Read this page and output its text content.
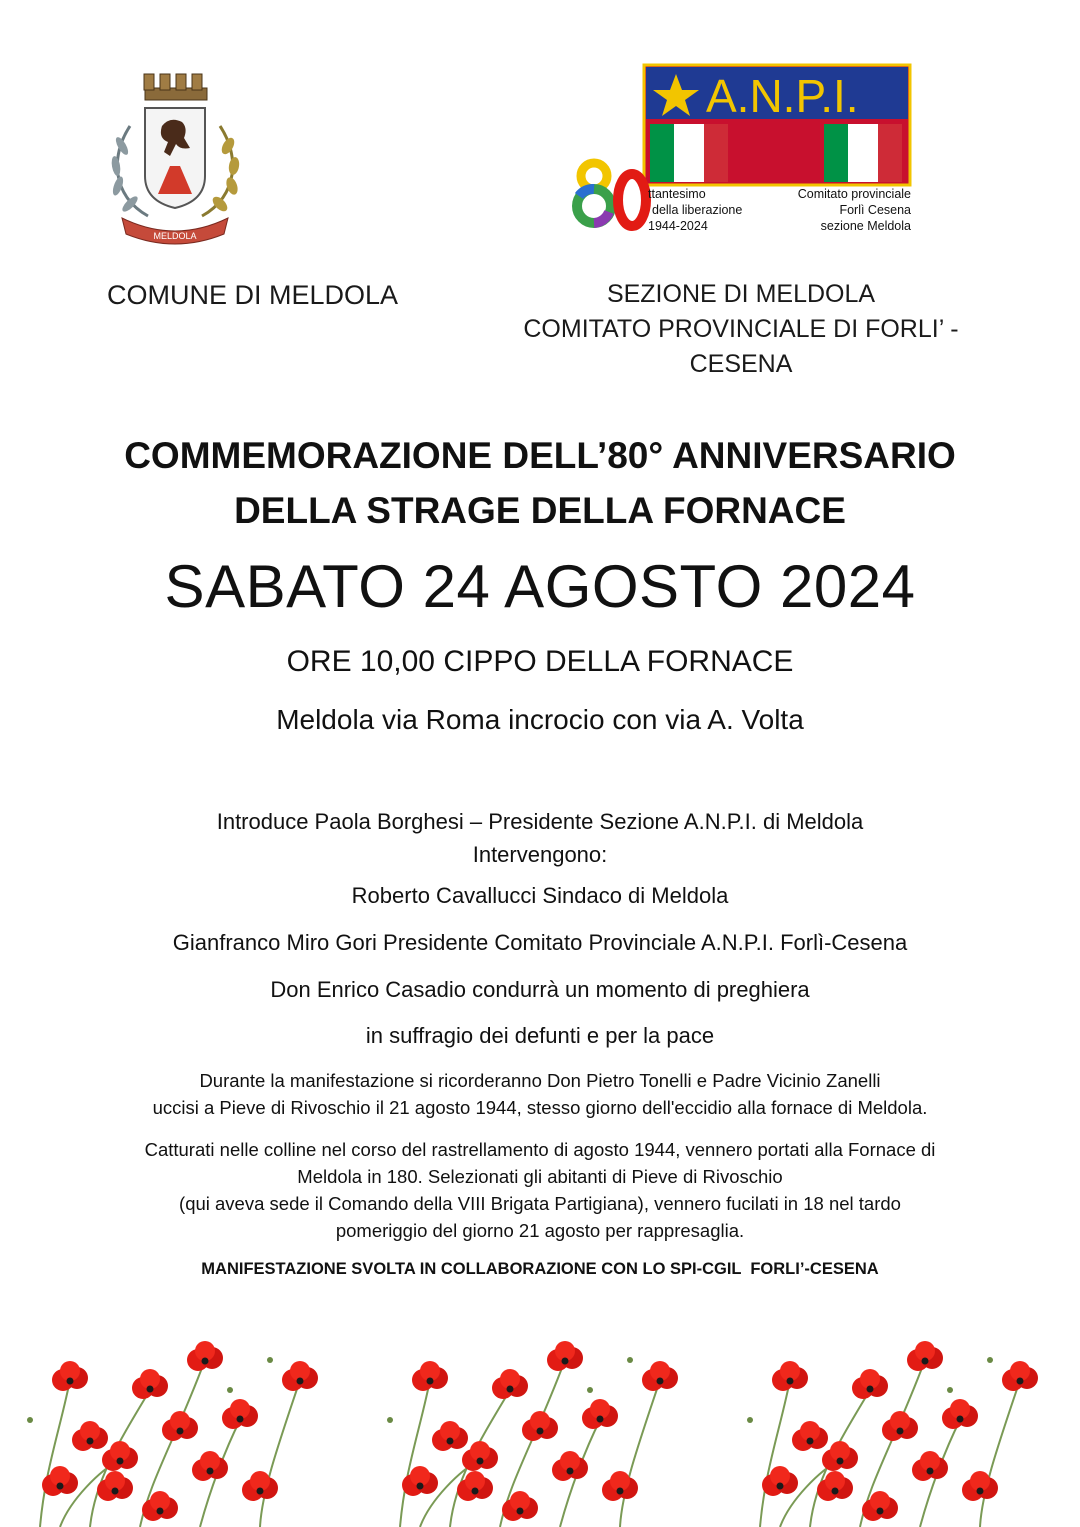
MELDOLA
A.N.P.I.
ttantesimo
della liberazione
1944-2024
Comitato provinciale
Forlì Cesena
sezione Meldola
COMUNE DI MELDOLA	SEZIONE DI MELDOLA
COMITATO PROVINCIALE DI FORLI’ -
CESENA
COMMEMORAZIONE DELL’80° ANNIVERSARIO
DELLA STRAGE DELLA FORNACE
SABATO 24 AGOSTO 2024
ORE 10,00 CIPPO DELLA FORNACE
Meldola via Roma incrocio con via A. Volta
Introduce Paola Borghesi – Presidente Sezione A.N.P.I. di Meldola
Intervengono:
Roberto Cavallucci Sindaco di Meldola
Gianfranco Miro Gori Presidente Comitato Provinciale A.N.P.I. Forlì-Cesena
Don Enrico Casadio condurrà un momento di preghiera
in suffragio dei defunti e per la pace
Durante la manifestazione si ricorderanno Don Pietro Tonelli e Padre Vicinio Zanelli
uccisi a Pieve di Rivoschio il 21 agosto 1944, stesso giorno dell'eccidio alla fornace di Meldola.
Catturati nelle colline nel corso del rastrellamento di agosto 1944, vennero portati alla Fornace di
Meldola in 180. Selezionati gli abitanti di Pieve di Rivoschio
(qui aveva sede il Comando della VIII Brigata Partigiana), vennero fucilati in 18 nel tardo
pomeriggio del giorno 21 agosto per rappresaglia.
MANIFESTAZIONE SVOLTA IN COLLABORAZIONE CON LO SPI-CGIL  FORLI’-CESENA
